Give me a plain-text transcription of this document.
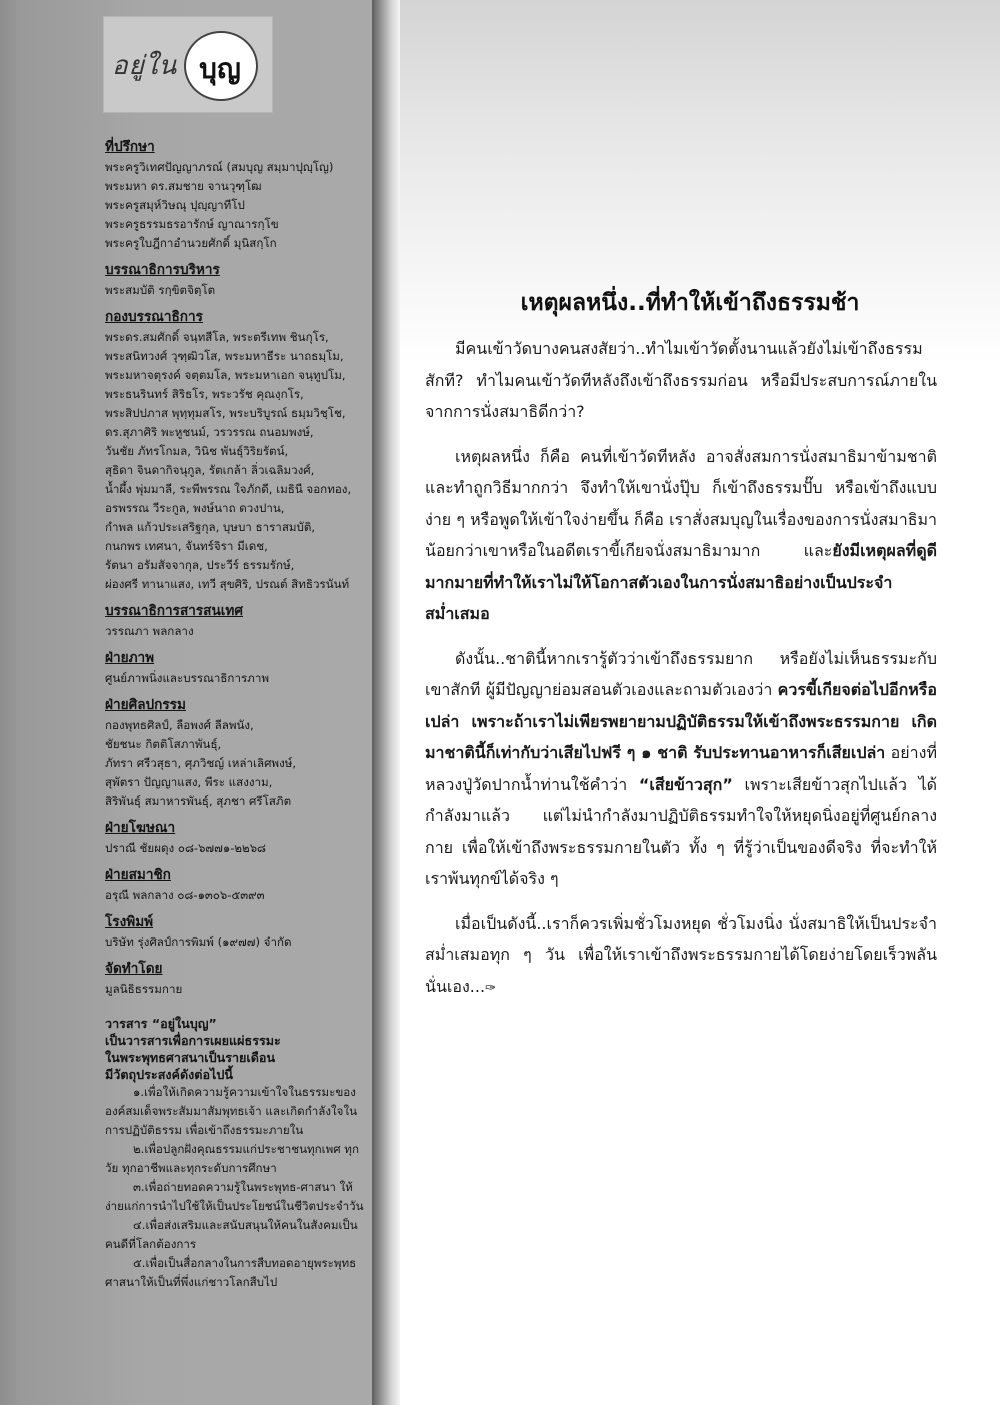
อยู่ใน บุญ
ที่ปรึกษา
พระครูวิเทศปัญญาภรณ์ (สมบุญ สมฺมาปุญฺโญ)
พระมหา ดร.สมชาย จานวุฑฺโฒ
พระครูสมุห์วิษณุ ปุญฺญาทีโป
พระครูธรรมธรอารักษ์ ญาณารกฺโข
พระครูใบฎีกาอำนวยศักดิ์ มุนิสกฺโก
บรรณาธิการบริหาร
พระสมบัติ รกฺขิตจิตฺโต
กองบรรณาธิการ
พระดร.สมศักดิ์ จนฺทสีโล, พระตรีเทพ ชินกุโร,
พระสนิทวงศ์ วุฑฺฒิวโส, พระมหาธีระ นาถธมฺโม,
พระมหาจตุรงค์ จตฺตมโล, พระมหาเอก จนฺทูปโม,
พระธนรินทร์ สิริธโร, พระวรัช คุณงฺกโร,
พระสิปปภาส พุทฺทุมสโร, พระบริบูรณ์ ธมฺมวิชฺโช,
ดร.สุภาศิริ พะหูชนม์, วรวรรณ ถนอมพงษ์,
วันชัย ภัทรโกมล, วินิช พันธุ์วิริยรัตน์,
สุธิดา จินดากิจนุกูล, รัตเกล้า ลิ่วเฉลิมวงศ์,
น้ำผึ้ง พุ่มมาลี, ระพีพรรณ ใจภักดี, เมธินี จอกทอง,
อรพรรณ วีระกูล, พงษ์นาถ ดวงปาน,
กำพล แก้วประเสริฐกุล, บุษบา ธาราสมบัติ,
กนกพร เทศนา, จันทร์จิรา มีเดช,
รัตนา อรัมสัจจากุล, ประวีร์ ธรรมรักษ์,
ผ่องศรี ทานาแสง, เทวี สุขศิริ, ปรณต์ สิทธิวรนันท์
บรรณาธิการสารสนเทศ
วรรณภา พลกลาง
ฝ่ายภาพ
ศูนย์ภาพนิ่งและบรรณาธิการภาพ
ฝ่ายศิลปกรรม
กองพุทธศิลป์, ลือพงศ์ ลีลพนัง,
ชัยชนะ กิตติโสภาพันธุ์,
ภัทรา ศรีวสุธา, ศุภวิชญ์ เหล่าเลิศพงษ์,
สุพัตรา ปัญญาแสง, พีระ แสงงาม,
สิริพันธุ์ สมาหารพันธุ์, สุภชา ศรีโสภิต
ฝ่ายโฆษณา
ปราณี ชัยผดุง ๐๘-๖๗๗๑-๒๒๖๘
ฝ่ายสมาชิก
อรุณี พลกลาง ๐๘-๑๓๐๖-๕๓๙๓
โรงพิมพ์
บริษัท รุ่งศิลป์การพิมพ์ (๑๙๗๗) จำกัด
จัดทำโดย
มูลนิธิธรรมกาย
วารสาร “อยู่ในบุญ”
เป็นวารสารเพื่อการเผยแผ่ธรรมะ
ในพระพุทธศาสนาเป็นรายเดือน
มีวัตถุประสงค์ดังต่อไปนี้
๑.เพื่อให้เกิดความรู้ความเข้าใจในธรรมะขององค์สมเด็จพระสัมมาสัมพุทธเจ้า และเกิดกำลังใจในการปฏิบัติธรรม เพื่อเข้าถึงธรรมะภายใน
๒.เพื่อปลูกฝังคุณธรรมแก่ประชาชนทุกเพศ ทุกวัย ทุกอาชีพและทุกระดับการศึกษา
๓.เพื่อถ่ายทอดความรู้ในพระพุทธ-ศาสนา ให้ง่ายแก่การนำไปใช้ให้เป็นประโยชน์ในชีวิตประจำวัน
๔.เพื่อส่งเสริมและสนับสนุนให้คนในสังคมเป็นคนดีที่โลกต้องการ
๕.เพื่อเป็นสื่อกลางในการสืบทอดอายุพระพุทธศาสนาให้เป็นที่พึ่งแก่ชาวโลกสืบไป
เหตุผลหนึ่ง..ที่ทำให้เข้าถึงธรรมช้า

มีคนเข้าวัดบางคนสงสัยว่า..ทำไมเข้าวัดตั้งนานแล้วยังไม่เข้าถึงธรรมสักที? ทำไมคนเข้าวัดทีหลังถึงเข้าถึงธรรมก่อน หรือมีประสบการณ์ภายในจากการนั่งสมาธิดีกว่า?

เหตุผลหนึ่ง ก็คือ คนที่เข้าวัดทีหลัง อาจสั่งสมการนั่งสมาธิมาข้ามชาติและทำถูกวิธีมากกว่า จึงทำให้เขานั่งปุ๊บ ก็เข้าถึงธรรมปั๊บ หรือเข้าถึงแบบง่าย ๆ หรือพูดให้เข้าใจง่ายขึ้น ก็คือ เราสั่งสมบุญในเรื่องของการนั่งสมาธิมาน้อยกว่าเขาหรือในอดีตเราขี้เกียจนั่งสมาธิมามาก และยังมีเหตุผลที่ดูดีมากมายที่ทำให้เราไม่ให้โอกาสตัวเองในการนั่งสมาธิอย่างเป็นประจำสม่ำเสมอ

ดังนั้น..ชาตินี้หากเรารู้ตัวว่าเข้าถึงธรรมยาก หรือยังไม่เห็นธรรมะกับเขาสักที ผู้มีปัญญาย่อมสอนตัวเองและถามตัวเองว่า ควรขี้เกียจต่อไปอีกหรือเปล่า เพราะถ้าเราไม่เพียรพยายามปฏิบัติธรรมให้เข้าถึงพระธรรมกาย เกิดมาชาตินี้ก็เท่ากับว่าเสียไปฟรี ๆ ๑ ชาติ รับประทานอาหารก็เสียเปล่า อย่างที่หลวงปู่วัดปากน้ำท่านใช้คำว่า “เสียข้าวสุก” เพราะเสียข้าวสุกไปแล้ว ได้กำลังมาแล้ว แต่ไม่นำกำลังมาปฏิบัติธรรมทำใจให้หยุดนิ่งอยู่ที่ศูนย์กลางกาย เพื่อให้เข้าถึงพระธรรมกายในตัว ทั้ง ๆ ที่รู้ว่าเป็นของดีจริง ที่จะทำให้เราพ้นทุกข์ได้จริง ๆ

เมื่อเป็นดังนี้..เราก็ควรเพิ่มชั่วโมงหยุด ชั่วโมงนิ่ง นั่งสมาธิให้เป็นประจำสม่ำเสมอทุก ๆ วัน เพื่อให้เราเข้าถึงพระธรรมกายได้โดยง่ายโดยเร็วพลันนั่นเอง...✑
